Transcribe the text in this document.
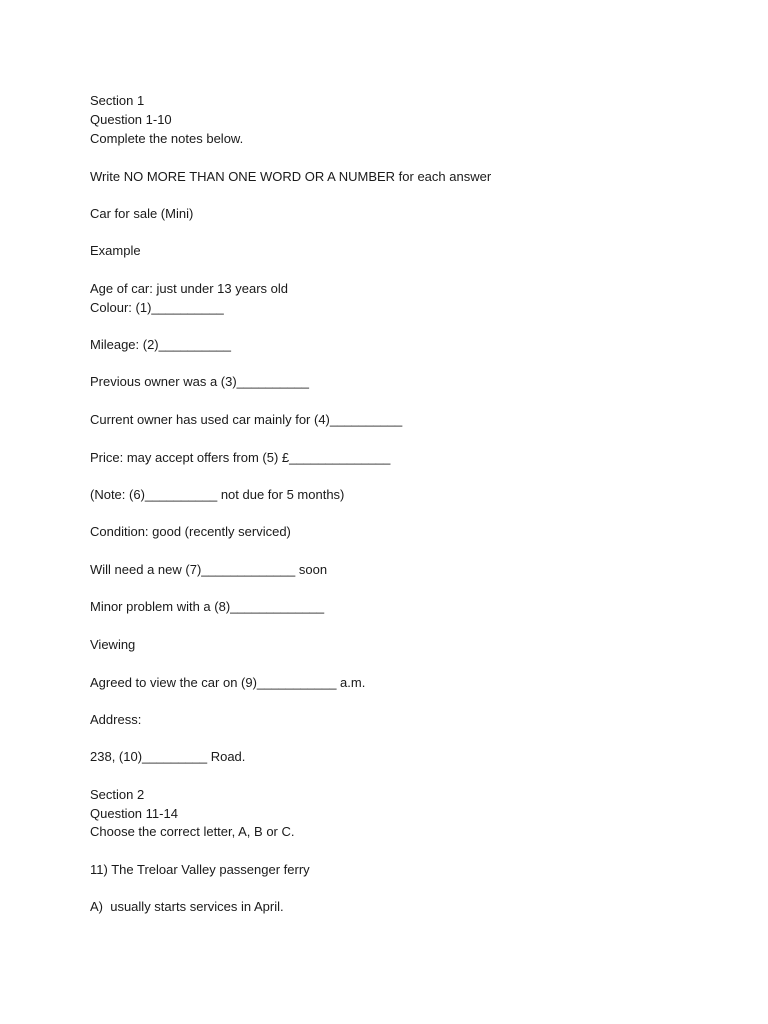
Section 1

Question 1-10

Complete the notes below.

Write NO MORE THAN ONE WORD OR A NUMBER for each answer

Car for sale (Mini)

Example

Age of car: just under 13 years old

Colour: (1)__________

Mileage: (2)__________

Previous owner was a (3)__________

Current owner has used car mainly for (4)__________

Price: may accept offers from (5) £______________

(Note: (6)__________ not due for 5 months)

Condition: good (recently serviced)

Will need a new (7)_____________ soon

Minor problem with a (8)_____________

Viewing

Agreed to view the car on (9)___________ a.m.

Address:

238, (10)_________ Road.

Section 2

Question 11-14

Choose the correct letter, A, B or C.

11) The Treloar Valley passenger ferry

A)  usually starts services in April.
